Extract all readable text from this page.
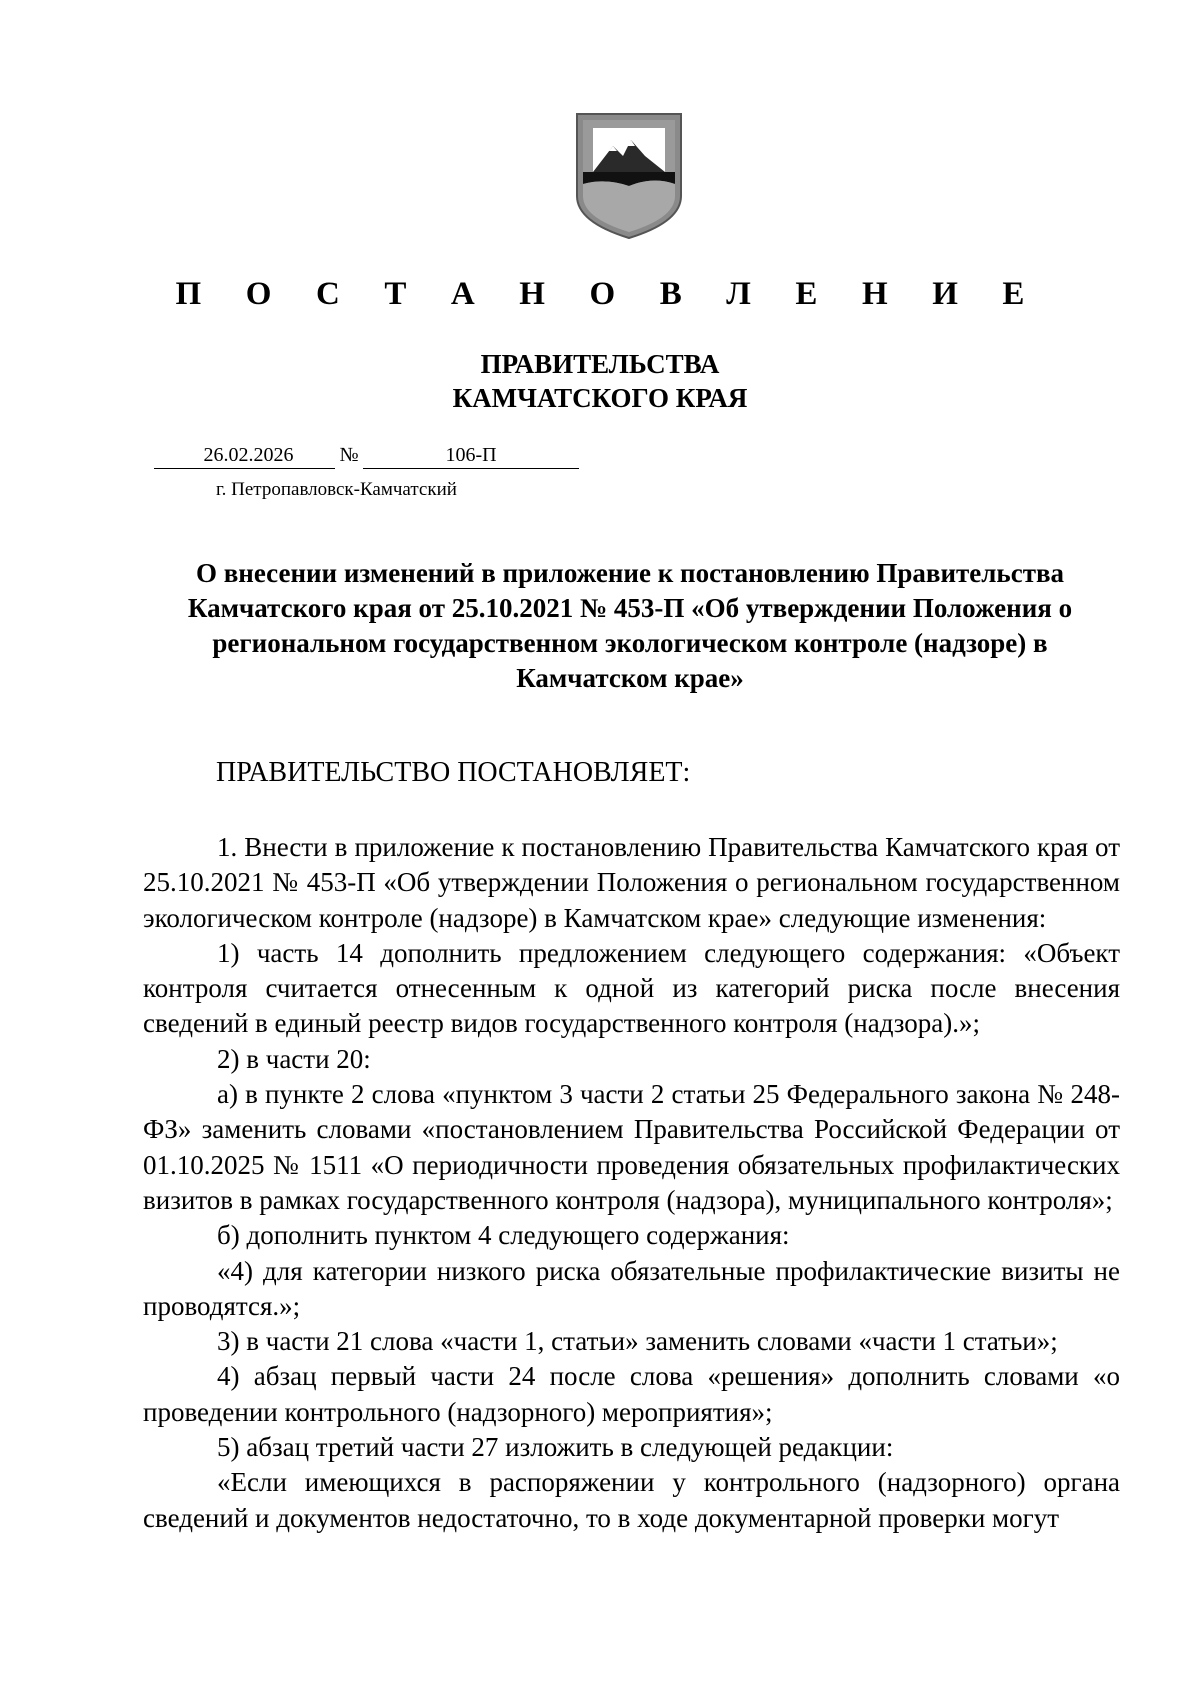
П О С Т А Н О В Л Е Н И Е
ПРАВИТЕЛЬСТВА
КАМЧАТСКОГО КРАЯ
26.02.2026	№	106-П
г. Петропавловск-Камчатский
О внесении изменений в приложение к постановлению Правительства
Камчатского края от 25.10.2021 № 453-П «Об утверждении Положения о
региональном государственном экологическом контроле (надзоре) в
Камчатском крае»
ПРАВИТЕЛЬСТВО ПОСТАНОВЛЯЕТ:

1. Внести в приложение к постановлению Правительства Камчатского края от 25.10.2021 № 453-П «Об утверждении Положения о региональном государственном экологическом контроле (надзоре) в Камчатском крае» следующие изменения:

1) часть 14 дополнить предложением следующего содержания: «Объект контроля считается отнесенным к одной из категорий риска после внесения сведений в единый реестр видов государственного контроля (надзора).»;

2) в части 20:

а) в пункте 2 слова «пунктом 3 части 2 статьи 25 Федерального закона № 248-ФЗ» заменить словами «постановлением Правительства Российской Федерации от 01.10.2025 № 1511 «О периодичности проведения обязательных профилактических визитов в рамках государственного контроля (надзора), муниципального контроля»;

б) дополнить пунктом 4 следующего содержания:

«4) для категории низкого риска обязательные профилактические визиты не проводятся.»;

3) в части 21 слова «части 1, статьи» заменить словами «части 1 статьи»;

4) абзац первый части 24 после слова «решения» дополнить словами «о проведении контрольного (надзорного) мероприятия»;

5) абзац третий части 27 изложить в следующей редакции:

«Если имеющихся в распоряжении у контрольного (надзорного) органа сведений и документов недостаточно, то в ходе документарной проверки могут
